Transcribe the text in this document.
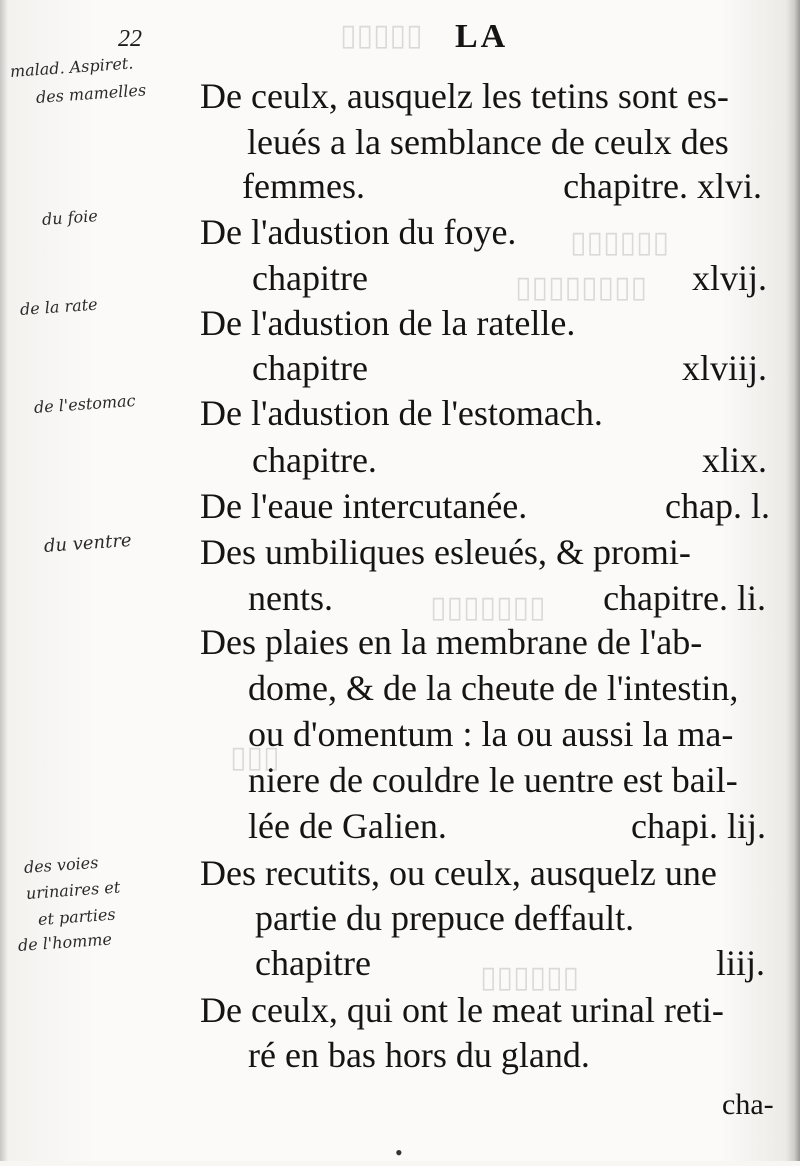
▯▯▯▯▯
▯▯▯▯▯▯
▯▯▯▯▯▯▯▯
▯▯▯▯▯▯▯
▯▯▯
▯▯▯▯▯▯
22	LA
De ceulx, ausquelz les tetins sont es-
leués a la semblance de ceulx des
femmes.	chapitre. xlvi.
De l'adustion du foye.
chapitre	xlvij.
De l'adustion de la ratelle.
chapitre	xlviij.
De l'adustion de l'estomach.
chapitre.	xlix.
De l'eaue intercutanée.	chap. l.
Des umbiliques esleués, & promi-
nents.	chapitre. li.
Des plaies en la membrane de l'ab-
dome, & de la cheute de l'intestin,
ou d'omentum : la ou aussi la ma-
niere de couldre le uentre est bail-
lée de Galien.	chapi. lij.
Des recutits, ou ceulx, ausquelz une
partie du prepuce deffault.
chapitre	liij.
De ceulx, qui ont le meat urinal reti-
ré en bas hors du gland.
cha-
malad. Aspiret.
des mamelles
du foie
de la rate
de l'estomac
du ventre
des voies
urinaires et
et parties
de l'homme
•
